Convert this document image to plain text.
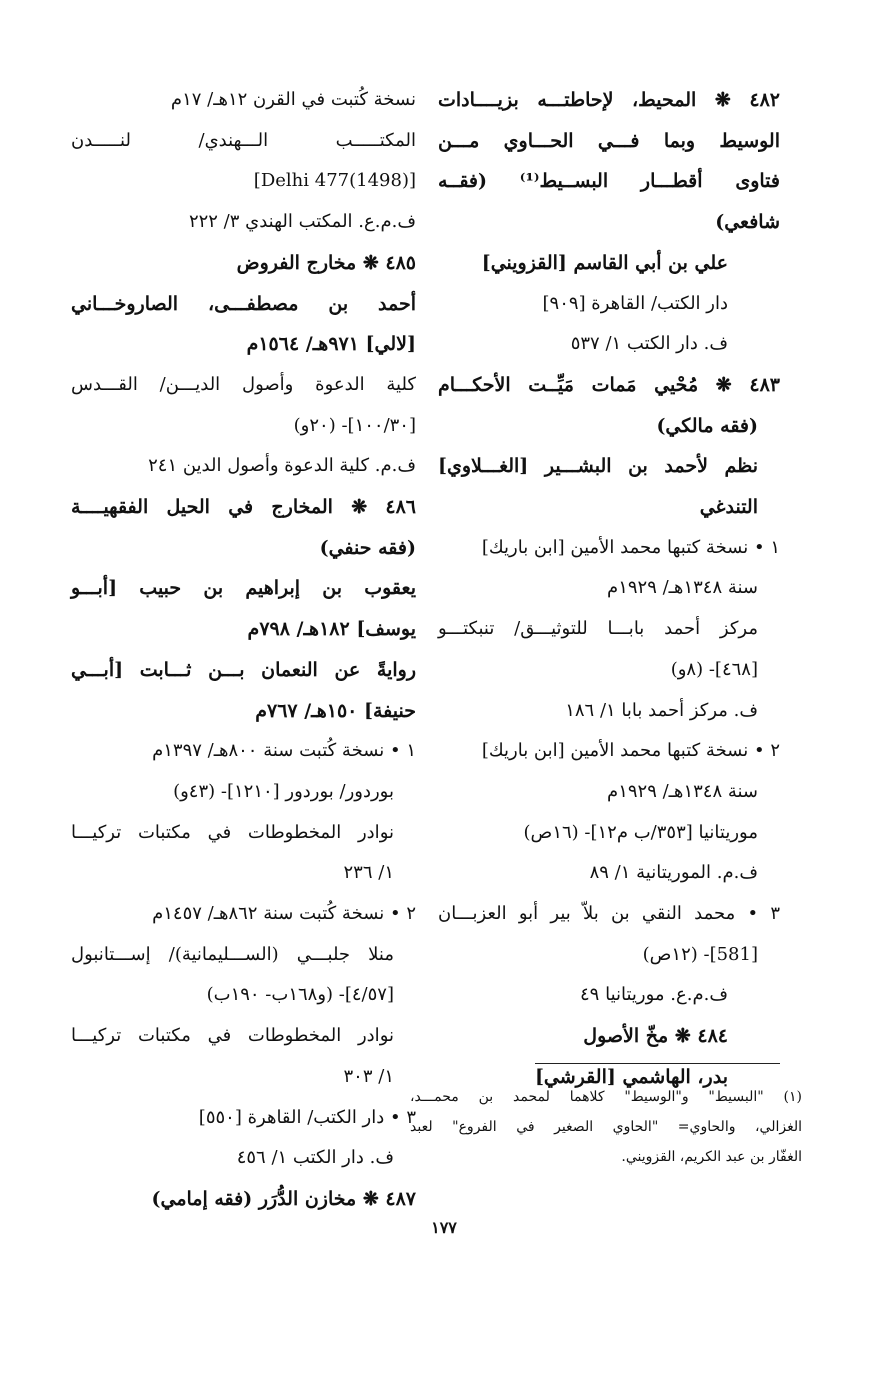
٤٨٢ ❋ المحيط، لإحاطتـــه بزيــــادات
الوسيط وبما فـــي الحـــاوي مـــن
فتاوى أقطـــار البســيط⁽¹⁾ (فقــه
شافعي)
علي بن أبي القاسم [القزويني]
دار الكتب/ القاهرة [٩٠٩]
ف. دار الكتب ١/ ٥٣٧
٤٨٣ ❋ مُحْيي مَمات مَيِّــت الأحكـــام
(فقه مالكي)
نظم لأحمد بن البشـــير [الغـــلاوي]
التندغي
١ • نسخة كتبها محمد الأمين [ابن باريك]
سنة ١٣٤٨هـ/ ١٩٢٩م
مركز أحمد بابـــا للتوثيـــق/ تنبكتـــو
[٤٦٨]- (٨و)
ف. مركز أحمد بابا ١/ ١٨٦
٢ • نسخة كتبها محمد الأمين [ابن باريك]
سنة ١٣٤٨هـ/ ١٩٢٩م
موريتانيا [٣٥٣/ب م١٢]- (١٦ص)
ف.م. الموريتانية ١/ ٨٩
٣ • محمد النقي بن بلاّ بير أبو العزبـــان
[581]- (١٢ص)
ف.م.ع. موريتانيا ٤٩
٤٨٤ ❋ مخّ الأصول
بدر، الهاشمي [القرشي]
نسخة كُتبت في القرن ١٢هـ/ ١٧م
المكتـــــب الـــهندي/ لنـــــدن
[(1498)Delhi 477]
ف.م.ع. المكتب الهندي ٣/ ٢٢٢
٤٨٥ ❋ مخارج الفروض
أحمد بن مصطفـــى، الصاروخـــاني
[لالي] ٩٧١هـ/ ١٥٦٤م
كلية الدعوة وأصول الديـــن/ القـــدس
[١٠٠/٣٠]- (٢٠و)
ف.م. كلية الدعوة وأصول الدين ٢٤١
٤٨٦ ❋ المخارج في الحيل الفقهيــــة
(فقه حنفي)
يعقوب بن إبراهيم بن حبيب [أبـــو
يوسف] ١٨٢هـ/ ٧٩٨م
روايةً عن النعمان بـــن ثـــابت [أبـــي
حنيفة] ١٥٠هـ/ ٧٦٧م
١ • نسخة كُتبت سنة ٨٠٠هـ/ ١٣٩٧م
بوردور/ بوردور [١٢١٠]- (٤٣و)
نوادر المخطوطات في مكتبات تركيـــا
١/ ٢٣٦
٢ • نسخة كُتبت سنة ٨٦٢هـ/ ١٤٥٧م
منلا جلبـــي (الســـليمانية)/ إســـتانبول
[٤/٥٧]- (و١٦٨ب- ١٩٠ب)
نوادر المخطوطات في مكتبات تركيـــا
١/ ٣٠٣
٣ • دار الكتب/ القاهرة [٥٥٠]
ف. دار الكتب ١/ ٤٥٦
٤٨٧ ❋ مخازن الدُّرَر (فقه إمامي)
(١) "البسيط" و"الوسيط" كلاهما لمحمد بن محمـــد،
الغزالي، والحاوي= "الحاوي الصغير في الفروع" لعبد
الغفّار بن عبد الكريم، القزويني.
١٧٧
